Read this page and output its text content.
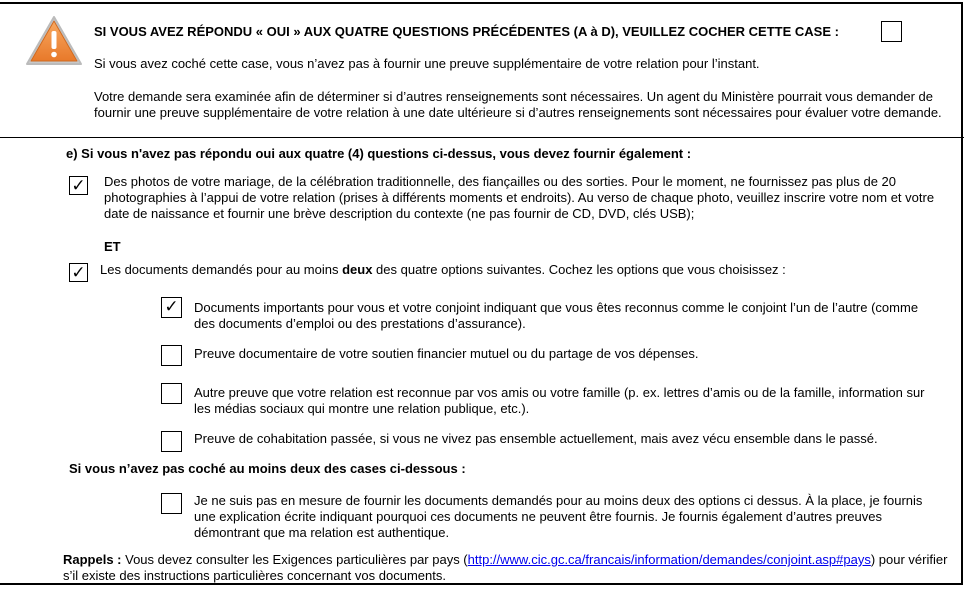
SI VOUS AVEZ RÉPONDU « OUI » AUX QUATRE QUESTIONS PRÉCÉDENTES (A à D), VEUILLEZ COCHER CETTE CASE :
Si vous avez coché cette case, vous n’avez pas à fournir une preuve supplémentaire de votre relation pour l’instant.
Votre demande sera examinée afin de déterminer si d’autres renseignements sont nécessaires. Un agent du Ministère pourrait vous demander de fournir une preuve supplémentaire de votre relation à une date ultérieure si d’autres renseignements sont nécessaires pour évaluer votre demande.
e) Si vous n'avez pas répondu oui aux quatre (4) questions ci-dessus, vous devez fournir également :
✓ Des photos de votre mariage, de la célébration traditionnelle, des fiançailles ou des sorties. Pour le moment, ne fournissez pas plus de 20 photographies à l’appui de votre relation (prises à différents moments et endroits). Au verso de chaque photo, veuillez inscrire votre nom et votre date de naissance et fournir une brève description du contexte (ne pas fournir de CD, DVD, clés USB);
ET
✓ Les documents demandés pour au moins deux des quatre options suivantes. Cochez les options que vous choisissez :
✓ Documents importants pour vous et votre conjoint indiquant que vous êtes reconnus comme le conjoint l’un de l’autre (comme des documents d’emploi ou des prestations d’assurance).
Preuve documentaire de votre soutien financier mutuel ou du partage de vos dépenses.
Autre preuve que votre relation est reconnue par vos amis ou votre famille (p. ex. lettres d’amis ou de la famille, information sur les médias sociaux qui montre une relation publique, etc.).
Preuve de cohabitation passée, si vous ne vivez pas ensemble actuellement, mais avez vécu ensemble dans le passé.
Si vous n’avez pas coché au moins deux des cases ci-dessous :
Je ne suis pas en mesure de fournir les documents demandés pour au moins deux des options ci dessus. À la place, je fournis une explication écrite indiquant pourquoi ces documents ne peuvent être fournis. Je fournis également d’autres preuves démontrant que ma relation est authentique.
Rappels : Vous devez consulter les Exigences particulières par pays (http://www.cic.gc.ca/francais/information/demandes/conjoint.asp#pays) pour vérifier s’il existe des instructions particulières concernant vos documents.
